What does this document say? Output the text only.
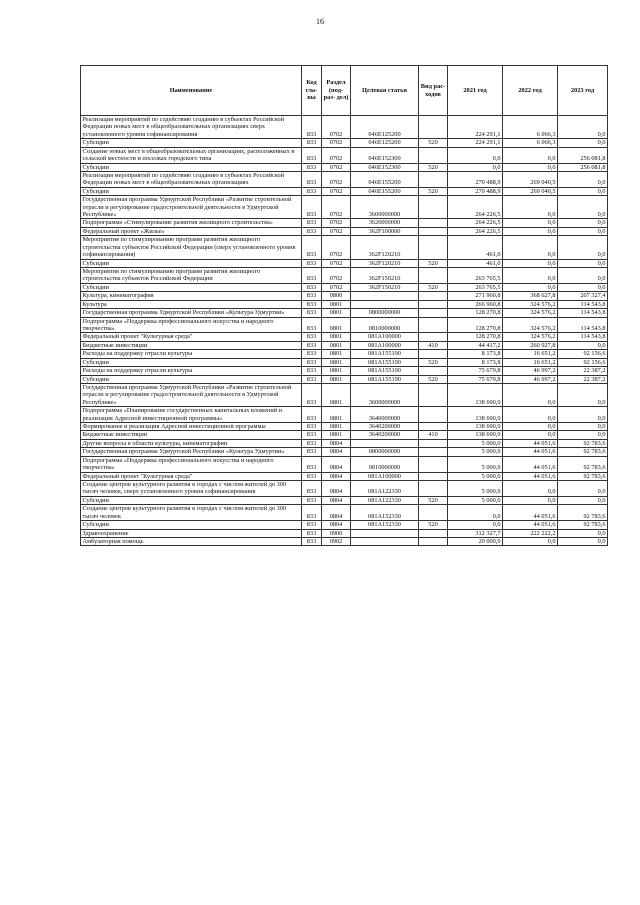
16
Наименование	Код гла- вы	Раздел (под- раз- дел)	Целевая статья	Вид рас- ходов	2021 год	2022 год	2023 год
Реализация мероприятий по содействию созданию в субъектах Российской Федерации новых мест в общеобразовательных организациях сверх установленного уровня софинансирования	833	0702	046E125200		224 291,1	6 066,3	0,0
Субсидии	833	0702	046E125200	520	224 291,1	6 066,3	0,0
Создание новых мест в общеобразовательных организациях, расположенных в сельской местности и поселках городского типа	833	0702	046E152300		0,0	0,0	256 081,8
Субсидии	833	0702	046E152300	520	0,0	0,0	256 081,8
Реализация мероприятий по содействию созданию в субъектах Российской Федерации новых мест в общеобразовательных организациях	833	0702	046E155200		270 488,9	269 040,5	0,0
Субсидии	833	0702	046E155200	520	270 488,9	269 040,5	0,0
Государственная программа Удмуртской Республики «Развитие строительной отрасли и регулирование градостроительной деятельности в Удмуртской Республике»	833	0702	3600000000		264 226,5	0,0	0,0
Подпрограмма «Стимулирование развития жилищного строительства»	833	0702	3620000000		264 226,5	0,0	0,0
Федеральный проект «Жилье»	833	0702	362F100000		264 226,5	0,0	0,0
Мероприятия по стимулированию программ развития жилищного строительства субъектов Российской Федерации (сверх установленного уровня софинансирования)	833	0702	362F120210		461,0	0,0	0,0
Субсидии	833	0702	362F120210	520	461,0	0,0	0,0
Мероприятия по стимулированию программ развития жилищного строительства субъектов Российской Федерации	833	0702	362F150210		263 765,5	0,0	0,0
Субсидии	833	0702	362F150210	520	263 765,5	0,0	0,0
Культура, кинематография	833	0800			271 960,8	368 627,8	207 327,4
Культура	833	0801			266 960,8	324 576,2	114 543,8
Государственная программа Удмуртской Республики «Культура Удмуртии»	833	0801	0800000000		128 270,8	324 576,2	114 543,8
Подпрограмма «Поддержка профессионального искусства и народного творчества»	833	0801	0810000000		128 270,8	324 576,2	114 543,8
Федеральный проект "Культурная среда"	833	0801	081A100000		128 270,8	324 576,2	114 543,8
Бюджетные инвестиции	833	0801	081A100000	410	44 417,2	260 927,8	0,0
Расходы на поддержку отрасли культуры	833	0801	081A155190		8 173,8	16 651,2	92 156,6
Субсидии	833	0801	081A155190	520	8 173,8	16 651,2	92 156,6
Расходы на поддержку отрасли культуры	833	0801	081A155190		75 679,8	46 997,2	22 387,2
Субсидии	833	0801	081A155190	520	75 679,8	46 997,2	22 387,2
Государственная программа Удмуртской Республики «Развитие строительной отрасли и регулирование градостроительной деятельности в Удмуртской Республике»	833	0801	3600000000		138 690,0	0,0	0,0
Подпрограмма «Планирование государственных капитальных вложений и реализация Адресной инвестиционной программы»	833	0801	3640000000		138 690,0	0,0	0,0
Формирование и реализация Адресной инвестиционной программы	833	0801	3640200000		138 690,0	0,0	0,0
Бюджетные инвестиции	833	0801	3640200000	410	138 690,0	0,0	0,0
Другие вопросы в области культуры, кинематографии	833	0804			5 000,0	44 051,6	92 783,6
Государственная программа Удмуртской Республики «Культура Удмуртии»	833	0804	0800000000		5 000,0	44 051,6	92 783,6
Подпрограмма «Поддержка профессионального искусства и народного творчества»	833	0804	0810000000		5 000,0	44 051,6	92 783,6
Федеральный проект "Культурная среда"	833	0804	081A100000		5 000,0	44 051,6	92 783,6
Создание центров культурного развития в городах с числом жителей до 300 тысяч человек, сверх установленного уровня софинансирования	833	0804	081A122330		5 000,0	0,0	0,0
Субсидии	833	0804	081A122330	520	5 000,0	0,0	0,0
Создание центров культурного развития в городах с числом жителей до 300 тысяч человек	833	0804	081A152330		0,0	44 051,6	92 783,6
Субсидии	833	0804	081A152330	520	0,0	44 051,6	92 783,6
Здравоохранение	833	0900			312 327,7	222 222,2	0,0
Амбулаторная помощь	833	0902			20 000,0	0,0	0,0
